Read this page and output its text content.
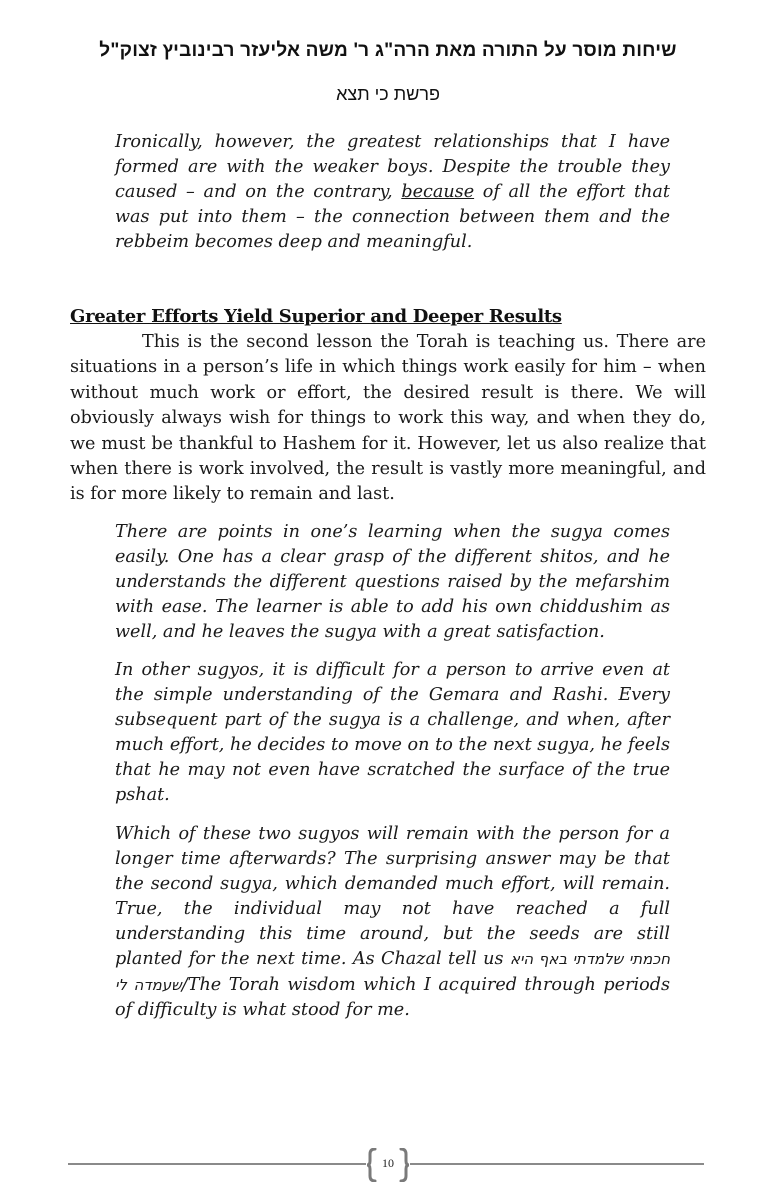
שיחות מוסר על התורה מאת הרה"ג ר' משה אליעזר רבינוביץ זצוק"ל
פרשת כי תצא

Ironically, however, the greatest relationships that I have formed are with the weaker boys. Despite the trouble they caused – and on the contrary, because of all the effort that was put into them – the connection between them and the rebbeim becomes deep and meaningful.

Greater Efforts Yield Superior and Deeper Results

This is the second lesson the Torah is teaching us. There are situations in a person’s life in which things work easily for him – when without much work or effort, the desired result is there. We will obviously always wish for things to work this way, and when they do, we must be thankful to Hashem for it. However, let us also realize that when there is work involved, the result is vastly more meaningful, and is for more likely to remain and last.

There are points in one’s learning when the sugya comes easily. One has a clear grasp of the different shitos, and he understands the different questions raised by the mefarshim with ease. The learner is able to add his own chiddushim as well, and he leaves the sugya with a great satisfaction.

In other sugyos, it is difficult for a person to arrive even at the simple understanding of the Gemara and Rashi. Every subsequent part of the sugya is a challenge, and when, after much effort, he decides to move on to the next sugya, he feels that he may not even have scratched the surface of the true pshat.

Which of these two sugyos will remain with the person for a longer time afterwards? The surprising answer may be that the second sugya, which demanded much effort, will remain. True, the individual may not have reached a full understanding this time around, but the seeds are still planted for the next time. As Chazal tell us חכמתי שלמדתי באף היא שעמדה לי/The Torah wisdom which I acquired through periods of difficulty is what stood for me.

10
